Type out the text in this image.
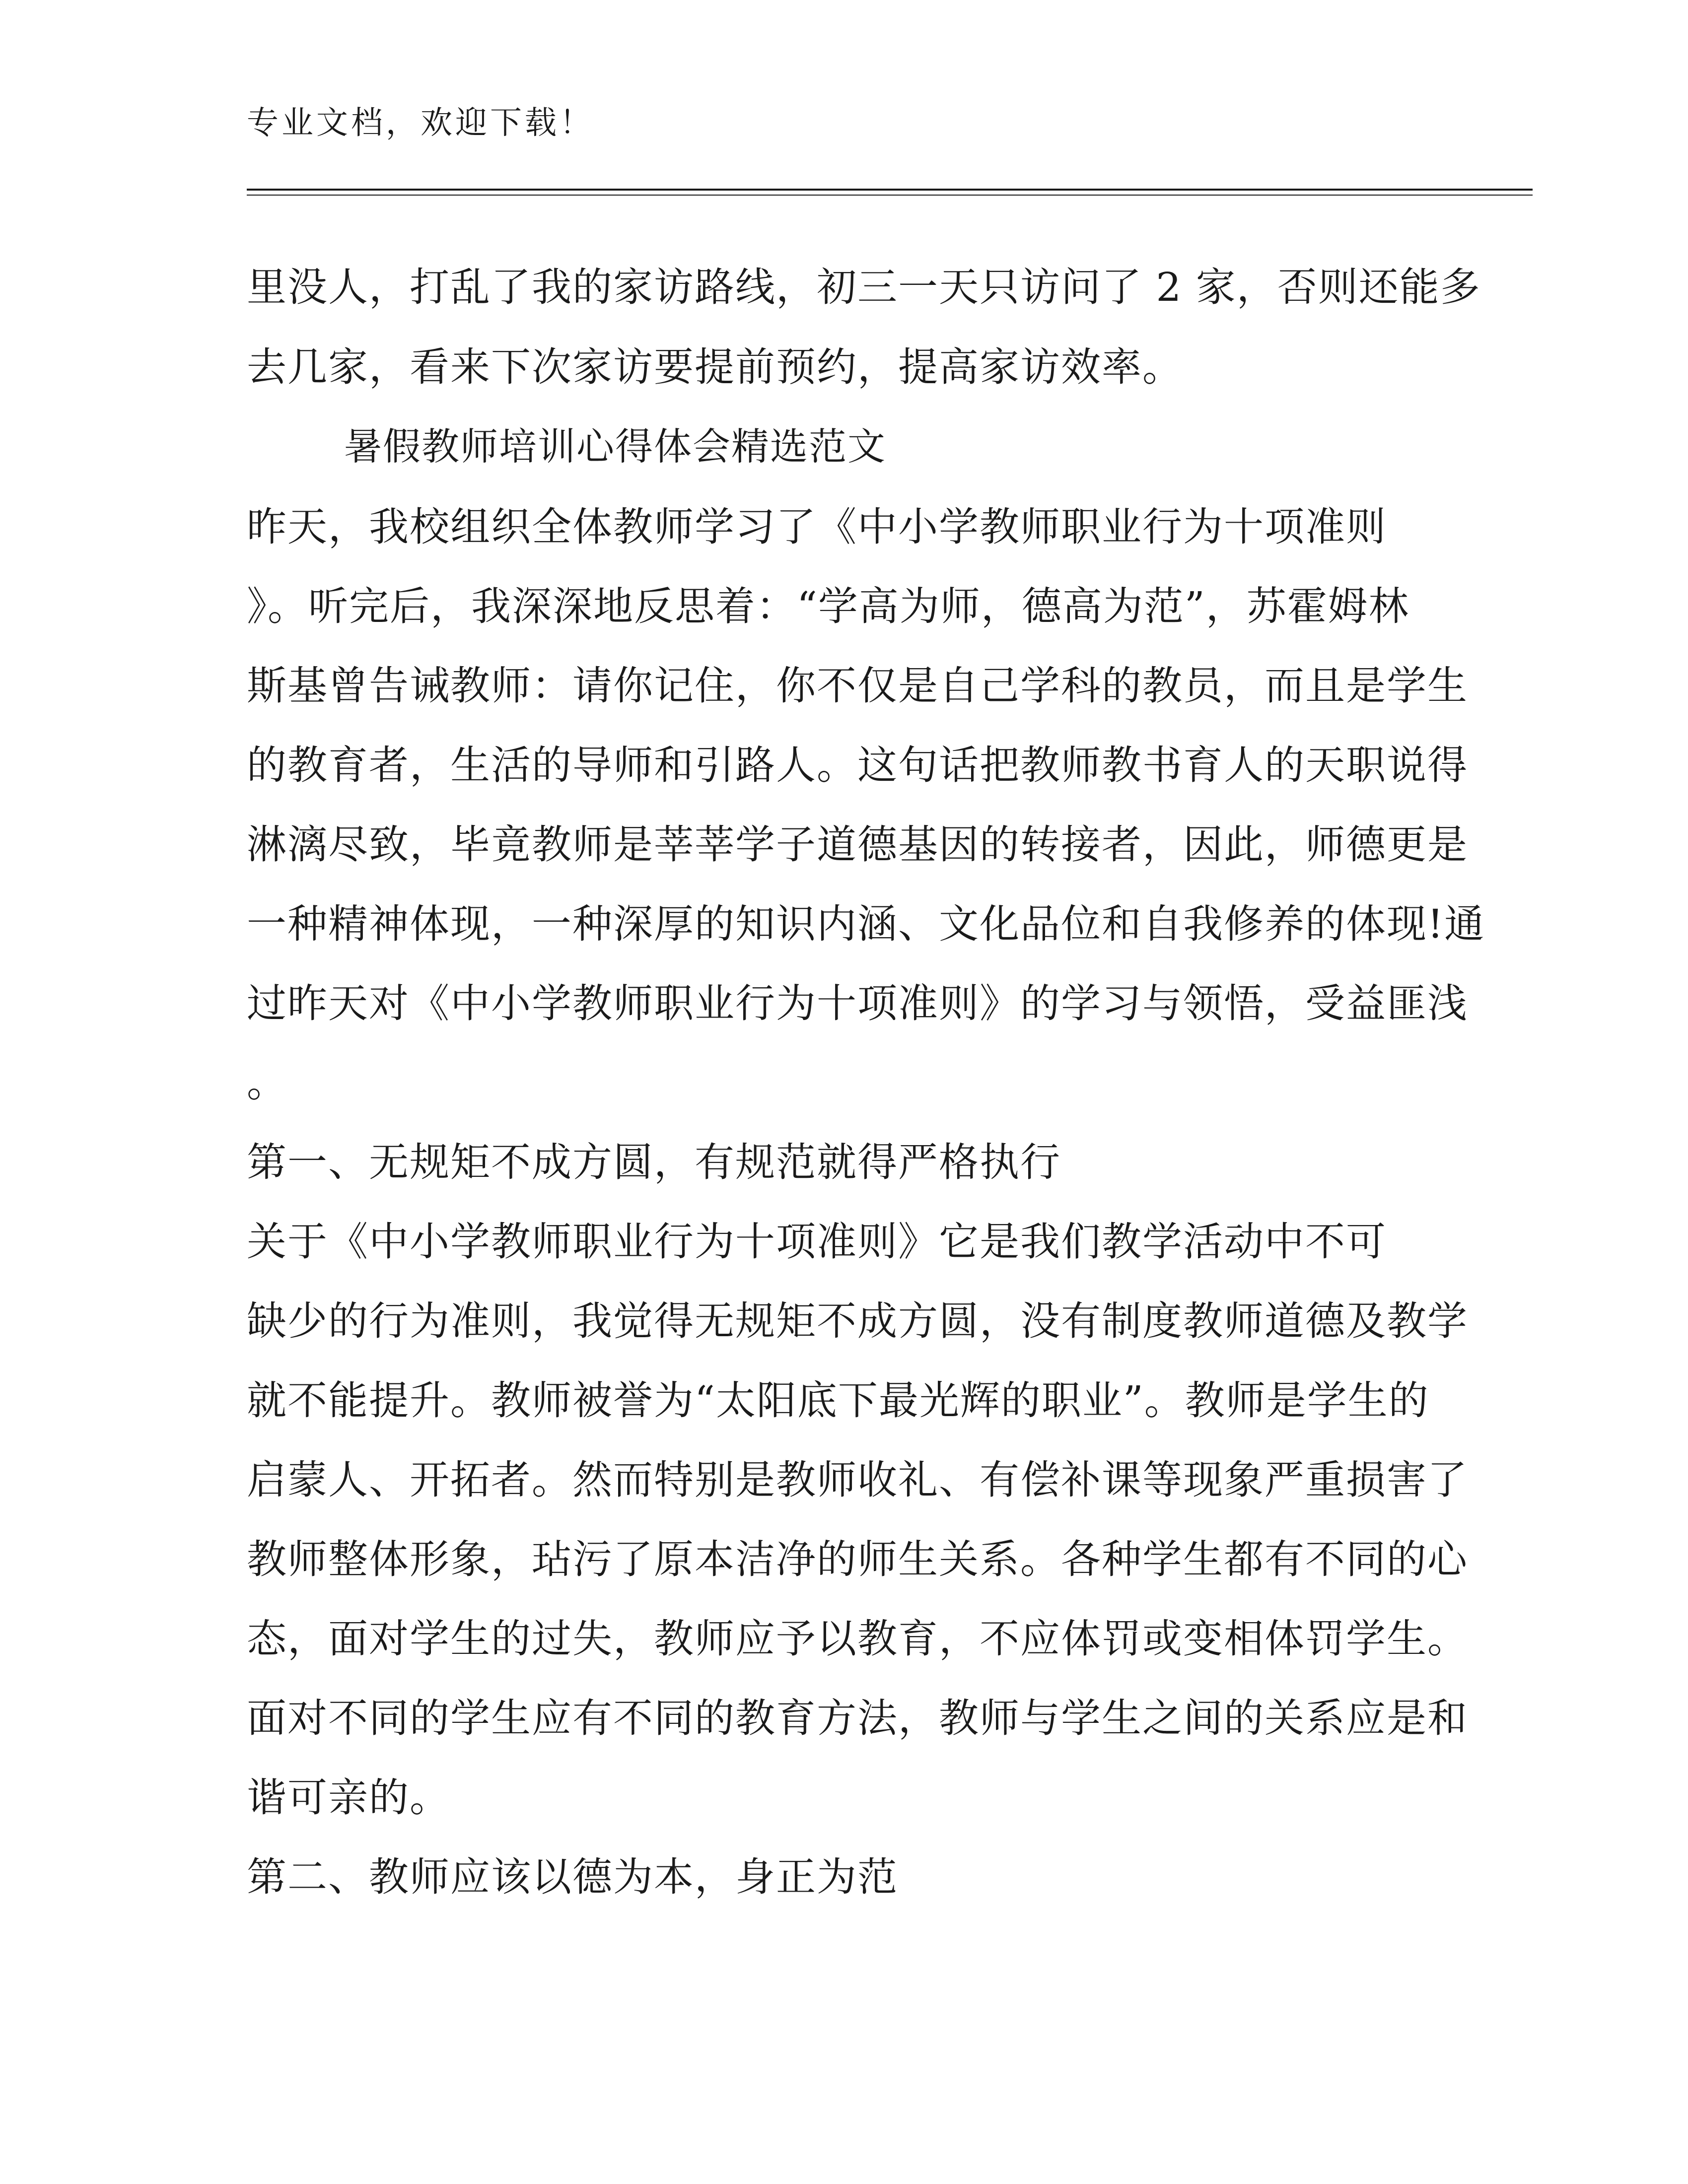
专业文档，欢迎下载！
里没人，打乱了我的家访路线，初三一天只访问了 2 家，否则还能多
去几家，看来下次家访要提前预约，提高家访效率。
暑假教师培训心得体会精选范文
昨天，我校组织全体教师学习了《中小学教师职业行为十项准则
》。听完后，我深深地反思着：“学高为师，德高为范”，苏霍姆林
斯基曾告诫教师：请你记住，你不仅是自己学科的教员，而且是学生
的教育者，生活的导师和引路人。这句话把教师教书育人的天职说得
淋漓尽致，毕竟教师是莘莘学子道德基因的转接者，因此，师德更是
一种精神体现，一种深厚的知识内涵、文化品位和自我修养的体现!通
过昨天对《中小学教师职业行为十项准则》的学习与领悟，受益匪浅
。
第一、无规矩不成方圆，有规范就得严格执行
关于《中小学教师职业行为十项准则》它是我们教学活动中不可
缺少的行为准则，我觉得无规矩不成方圆，没有制度教师道德及教学
就不能提升。教师被誉为“太阳底下最光辉的职业”。教师是学生的
启蒙人、开拓者。然而特别是教师收礼、有偿补课等现象严重损害了
教师整体形象，玷污了原本洁净的师生关系。各种学生都有不同的心
态，面对学生的过失，教师应予以教育，不应体罚或变相体罚学生。
面对不同的学生应有不同的教育方法，教师与学生之间的关系应是和
谐可亲的。
第二、教师应该以德为本，身正为范
